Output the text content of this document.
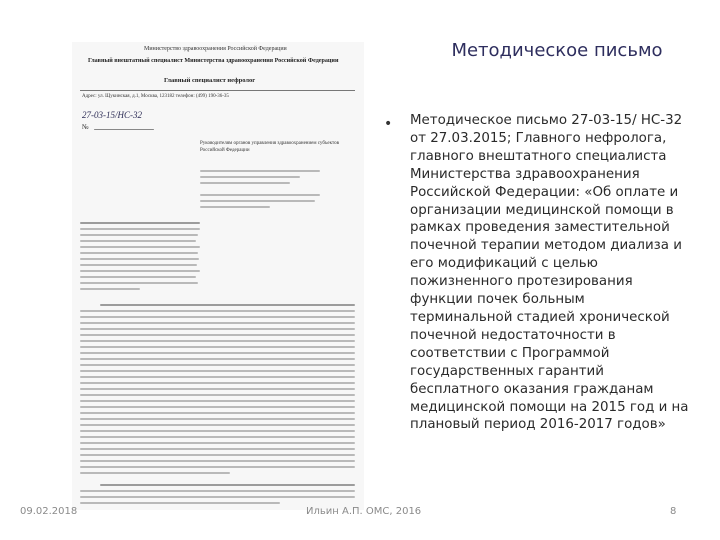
Министерство здравоохранения Российской Федерации
Главный внештатный специалист Министерства здравоохранения Российской Федерации
Главный специалист нефролог
Адрес: ул. Щукинская, д.1, Москва, 123182 телефон: (499) 190-36-35
27-03-15/НС-32
№
Руководителям органов управления здравоохранением субъектов Российской Федерации
Методическое письмо
• Методическое письмо 27-03-15/ НС-32 от 27.03.2015; Главного нефролога, главного внештатного специалиста Министерства здравоохранения Российской Федерации: «Об оплате и организации медицинской помощи в рамках проведения заместительной почечной терапии методом диализа и его модификаций с целью пожизненного протезирования функции почек больным терминальной стадией хронической почечной недостаточности в соответствии с Программой государственных гарантий бесплатного оказания гражданам медицинской помощи на 2015 год и на плановый период 2016-2017 годов»
09.02.2018	Ильин А.П. ОМС, 2016	8
